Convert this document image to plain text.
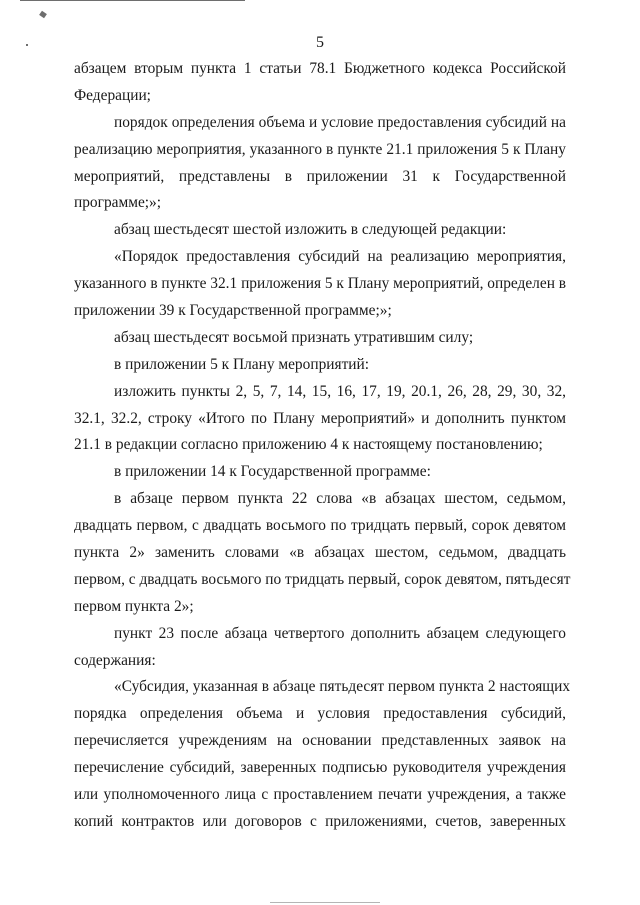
5
абзацем вторым пункта 1 статьи 78.1 Бюджетного кодекса Российской
Федерации;
порядок определения объема и условие предоставления субсидий на
реализацию мероприятия, указанного в пункте 21.1 приложения 5 к Плану
мероприятий, представлены в приложении 31 к Государственной
программе;»;
абзац шестьдесят шестой изложить в следующей редакции:
«Порядок предоставления субсидий на реализацию мероприятия,
указанного в пункте 32.1 приложения 5 к Плану мероприятий, определен в
приложении 39 к Государственной программе;»;
абзац шестьдесят восьмой признать утратившим силу;
в приложении 5 к Плану мероприятий:
изложить пункты 2, 5, 7, 14, 15, 16, 17, 19, 20.1, 26, 28, 29, 30, 32,
32.1, 32.2, строку «Итого по Плану мероприятий» и дополнить пунктом
21.1 в редакции согласно приложению 4 к настоящему постановлению;
в приложении 14 к Государственной программе:
в абзаце первом пункта 22 слова «в абзацах шестом, седьмом,
двадцать первом, с двадцать восьмого по тридцать первый, сорок девятом
пункта 2» заменить словами «в абзацах шестом, седьмом, двадцать
первом, с двадцать восьмого по тридцать первый, сорок девятом, пятьдесят
первом пункта 2»;
пункт 23 после абзаца четвертого дополнить абзацем следующего
содержания:
«Субсидия, указанная в абзаце пятьдесят первом пункта 2 настоящих
порядка определения объема и условия предоставления субсидий,
перечисляется учреждениям на основании представленных заявок на
перечисление субсидий, заверенных подписью руководителя учреждения
или уполномоченного лица с проставлением печати учреждения, а также
копий контрактов или договоров с приложениями, счетов, заверенных
